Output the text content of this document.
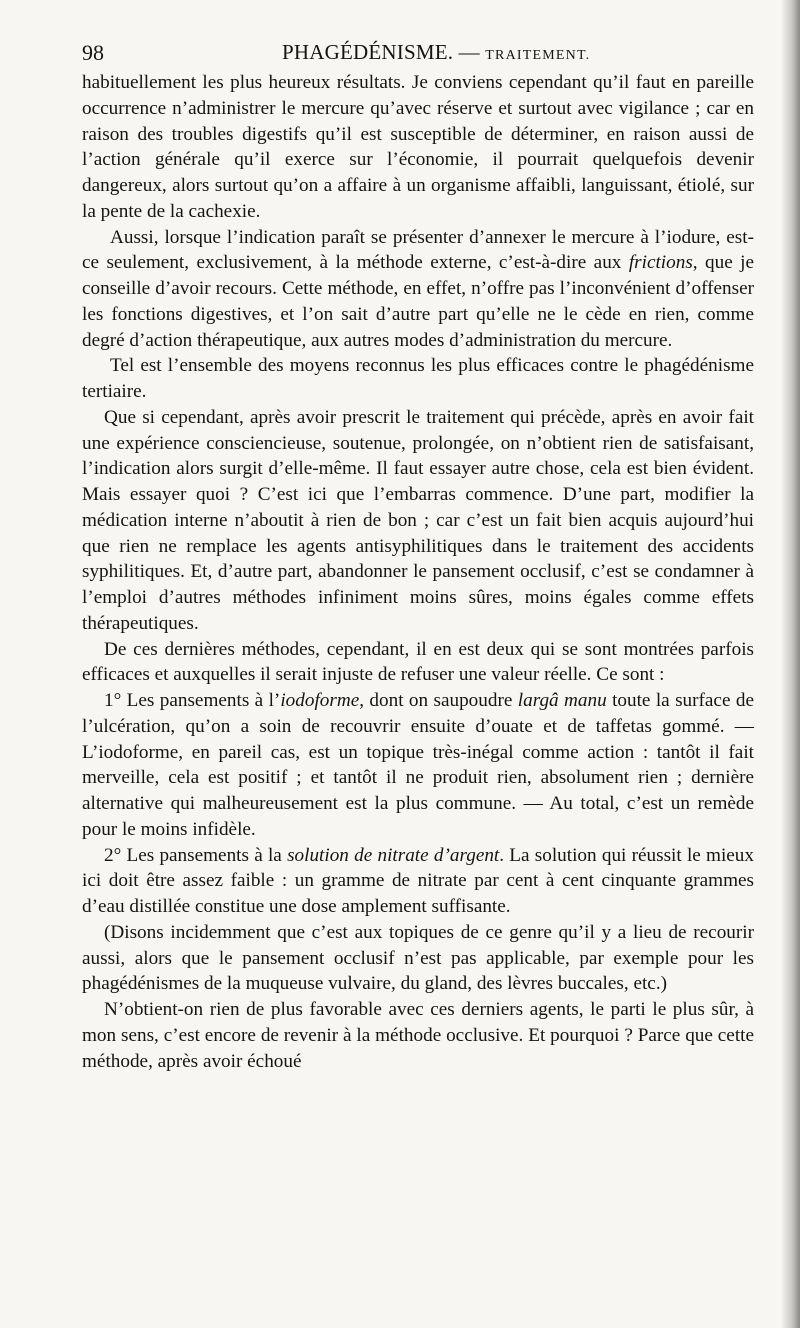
98	PHAGÉDÉNISME. — TRAITEMENT.

habituellement les plus heureux résultats. Je conviens cependant qu’il faut en pareille occurrence n’administrer le mercure qu’avec réserve et surtout avec vigilance ; car en raison des troubles digestifs qu’il est susceptible de déterminer, en raison aussi de l’action générale qu’il exerce sur l’économie, il pourrait quelquefois devenir dangereux, alors surtout qu’on a affaire à un organisme affaibli, languissant, étiolé, sur la pente de la cachexie.

Aussi, lorsque l’indication paraît se présenter d’annexer le mercure à l’iodure, est-ce seulement, exclusivement, à la méthode externe, c’est-à-dire aux frictions, que je conseille d’avoir recours. Cette méthode, en effet, n’offre pas l’inconvénient d’offenser les fonctions digestives, et l’on sait d’autre part qu’elle ne le cède en rien, comme degré d’action thérapeutique, aux autres modes d’administration du mercure.

Tel est l’ensemble des moyens reconnus les plus efficaces contre le phagédénisme tertiaire.

Que si cependant, après avoir prescrit le traitement qui précède, après en avoir fait une expérience consciencieuse, soutenue, prolongée, on n’obtient rien de satisfaisant, l’indication alors surgit d’elle-même. Il faut essayer autre chose, cela est bien évident. Mais essayer quoi ? C’est ici que l’embarras commence. D’une part, modifier la médication interne n’aboutit à rien de bon ; car c’est un fait bien acquis aujourd’hui que rien ne remplace les agents antisyphilitiques dans le traitement des accidents syphilitiques. Et, d’autre part, abandonner le pansement occlusif, c’est se condamner à l’emploi d’autres méthodes infiniment moins sûres, moins égales comme effets thérapeutiques.

De ces dernières méthodes, cependant, il en est deux qui se sont montrées parfois efficaces et auxquelles il serait injuste de refuser une valeur réelle. Ce sont :

1° Les pansements à l’iodoforme, dont on saupoudre largâ manu toute la surface de l’ulcération, qu’on a soin de recouvrir ensuite d’ouate et de taffetas gommé. — L’iodoforme, en pareil cas, est un topique très-inégal comme action : tantôt il fait merveille, cela est positif ; et tantôt il ne produit rien, absolument rien ; dernière alternative qui malheureusement est la plus commune. — Au total, c’est un remède pour le moins infidèle.

2° Les pansements à la solution de nitrate d’argent. La solution qui réussit le mieux ici doit être assez faible : un gramme de nitrate par cent à cent cinquante grammes d’eau distillée constitue une dose amplement suffisante.

(Disons incidemment que c’est aux topiques de ce genre qu’il y a lieu de recourir aussi, alors que le pansement occlusif n’est pas applicable, par exemple pour les phagédénismes de la muqueuse vulvaire, du gland, des lèvres buccales, etc.)

N’obtient-on rien de plus favorable avec ces derniers agents, le parti le plus sûr, à mon sens, c’est encore de revenir à la méthode occlusive. Et pourquoi ? Parce que cette méthode, après avoir échoué
